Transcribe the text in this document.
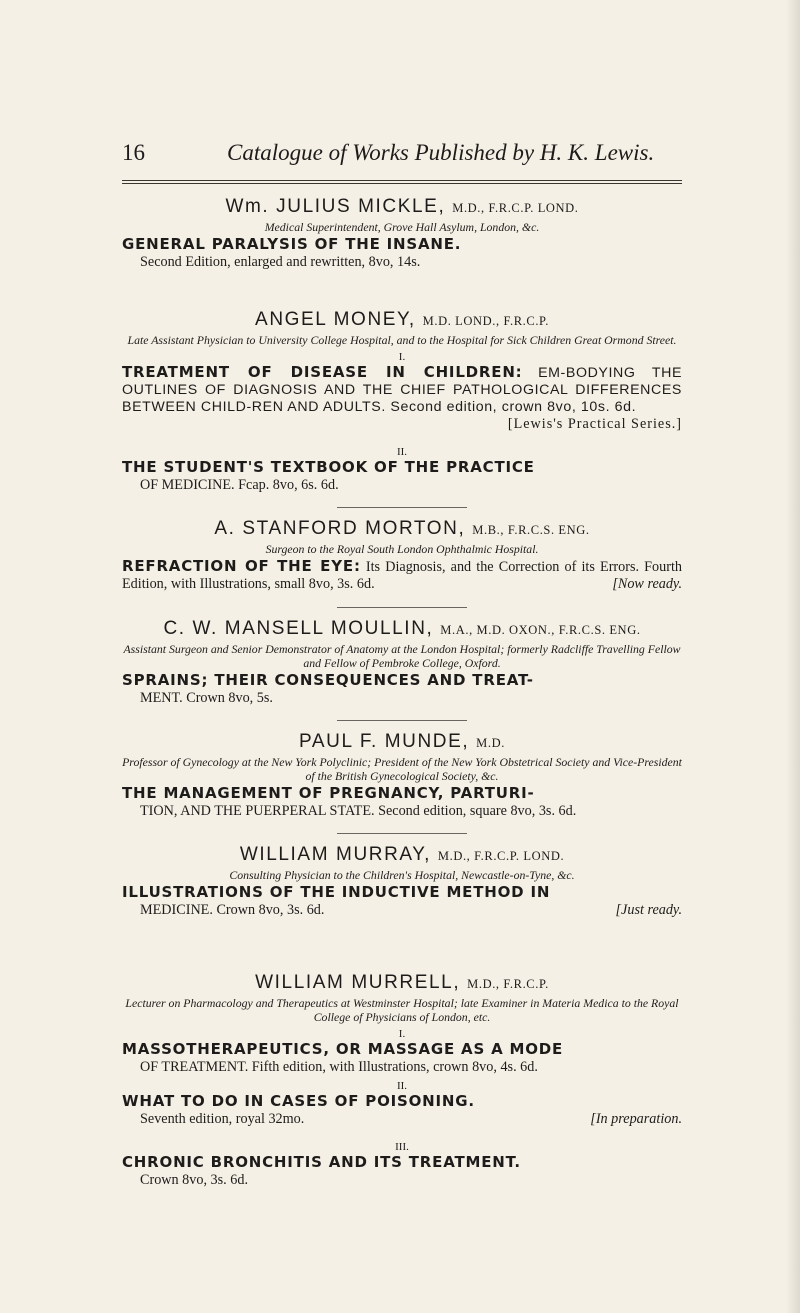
16	Catalogue of Works Published by H. K. Lewis.

Wm. JULIUS MICKLE, M.D., F.R.C.P. LOND.

Medical Superintendent, Grove Hall Asylum, London, &c.

GENERAL PARALYSIS OF THE INSANE.
Second Edition, enlarged and rewritten, 8vo, 14s.

ANGEL MONEY, M.D. LOND., F.R.C.P.

Late Assistant Physician to University College Hospital, and to the Hospital for Sick Children Great Ormond Street.

I.

TREATMENT OF DISEASE IN CHILDREN: EM-BODYING THE OUTLINES OF DIAGNOSIS AND THE CHIEF PATHOLOGICAL DIFFERENCES BETWEEN CHILD-REN AND ADULTS. Second edition, crown 8vo, 10s. 6d.

[Lewis's Practical Series.]

II.

THE STUDENT'S TEXTBOOK OF THE PRACTICE
OF MEDICINE. Fcap. 8vo, 6s. 6d.

A. STANFORD MORTON, M.B., F.R.C.S. ENG.

Surgeon to the Royal South London Ophthalmic Hospital.

REFRACTION OF THE EYE: Its Diagnosis, and the Correction of its Errors. Fourth Edition, with Illustrations, small 8vo, 3s. 6d.	[Now ready.

C. W. MANSELL MOULLIN, M.A., M.D. OXON., F.R.C.S. ENG.

Assistant Surgeon and Senior Demonstrator of Anatomy at the London Hospital; formerly Radcliffe Travelling Fellow and Fellow of Pembroke College, Oxford.

SPRAINS; THEIR CONSEQUENCES AND TREAT-
MENT. Crown 8vo, 5s.

PAUL F. MUNDE, M.D.

Professor of Gynecology at the New York Polyclinic; President of the New York Obstetrical Society and Vice-President of the British Gynecological Society, &c.

THE MANAGEMENT OF PREGNANCY, PARTURI-
TION, AND THE PUERPERAL STATE. Second edition, square 8vo, 3s. 6d.

WILLIAM MURRAY, M.D., F.R.C.P. LOND.

Consulting Physician to the Children's Hospital, Newcastle-on-Tyne, &c.

ILLUSTRATIONS OF THE INDUCTIVE METHOD IN
MEDICINE. Crown 8vo, 3s. 6d.	[Just ready.

WILLIAM MURRELL, M.D., F.R.C.P.

Lecturer on Pharmacology and Therapeutics at Westminster Hospital; late Examiner in Materia Medica to the Royal College of Physicians of London, etc.

I.

MASSOTHERAPEUTICS, OR MASSAGE AS A MODE
OF TREATMENT. Fifth edition, with Illustrations, crown 8vo, 4s. 6d.

II.

WHAT TO DO IN CASES OF POISONING.
Seventh edition, royal 32mo.	[In preparation.

III.

CHRONIC BRONCHITIS AND ITS TREATMENT.
Crown 8vo, 3s. 6d.
